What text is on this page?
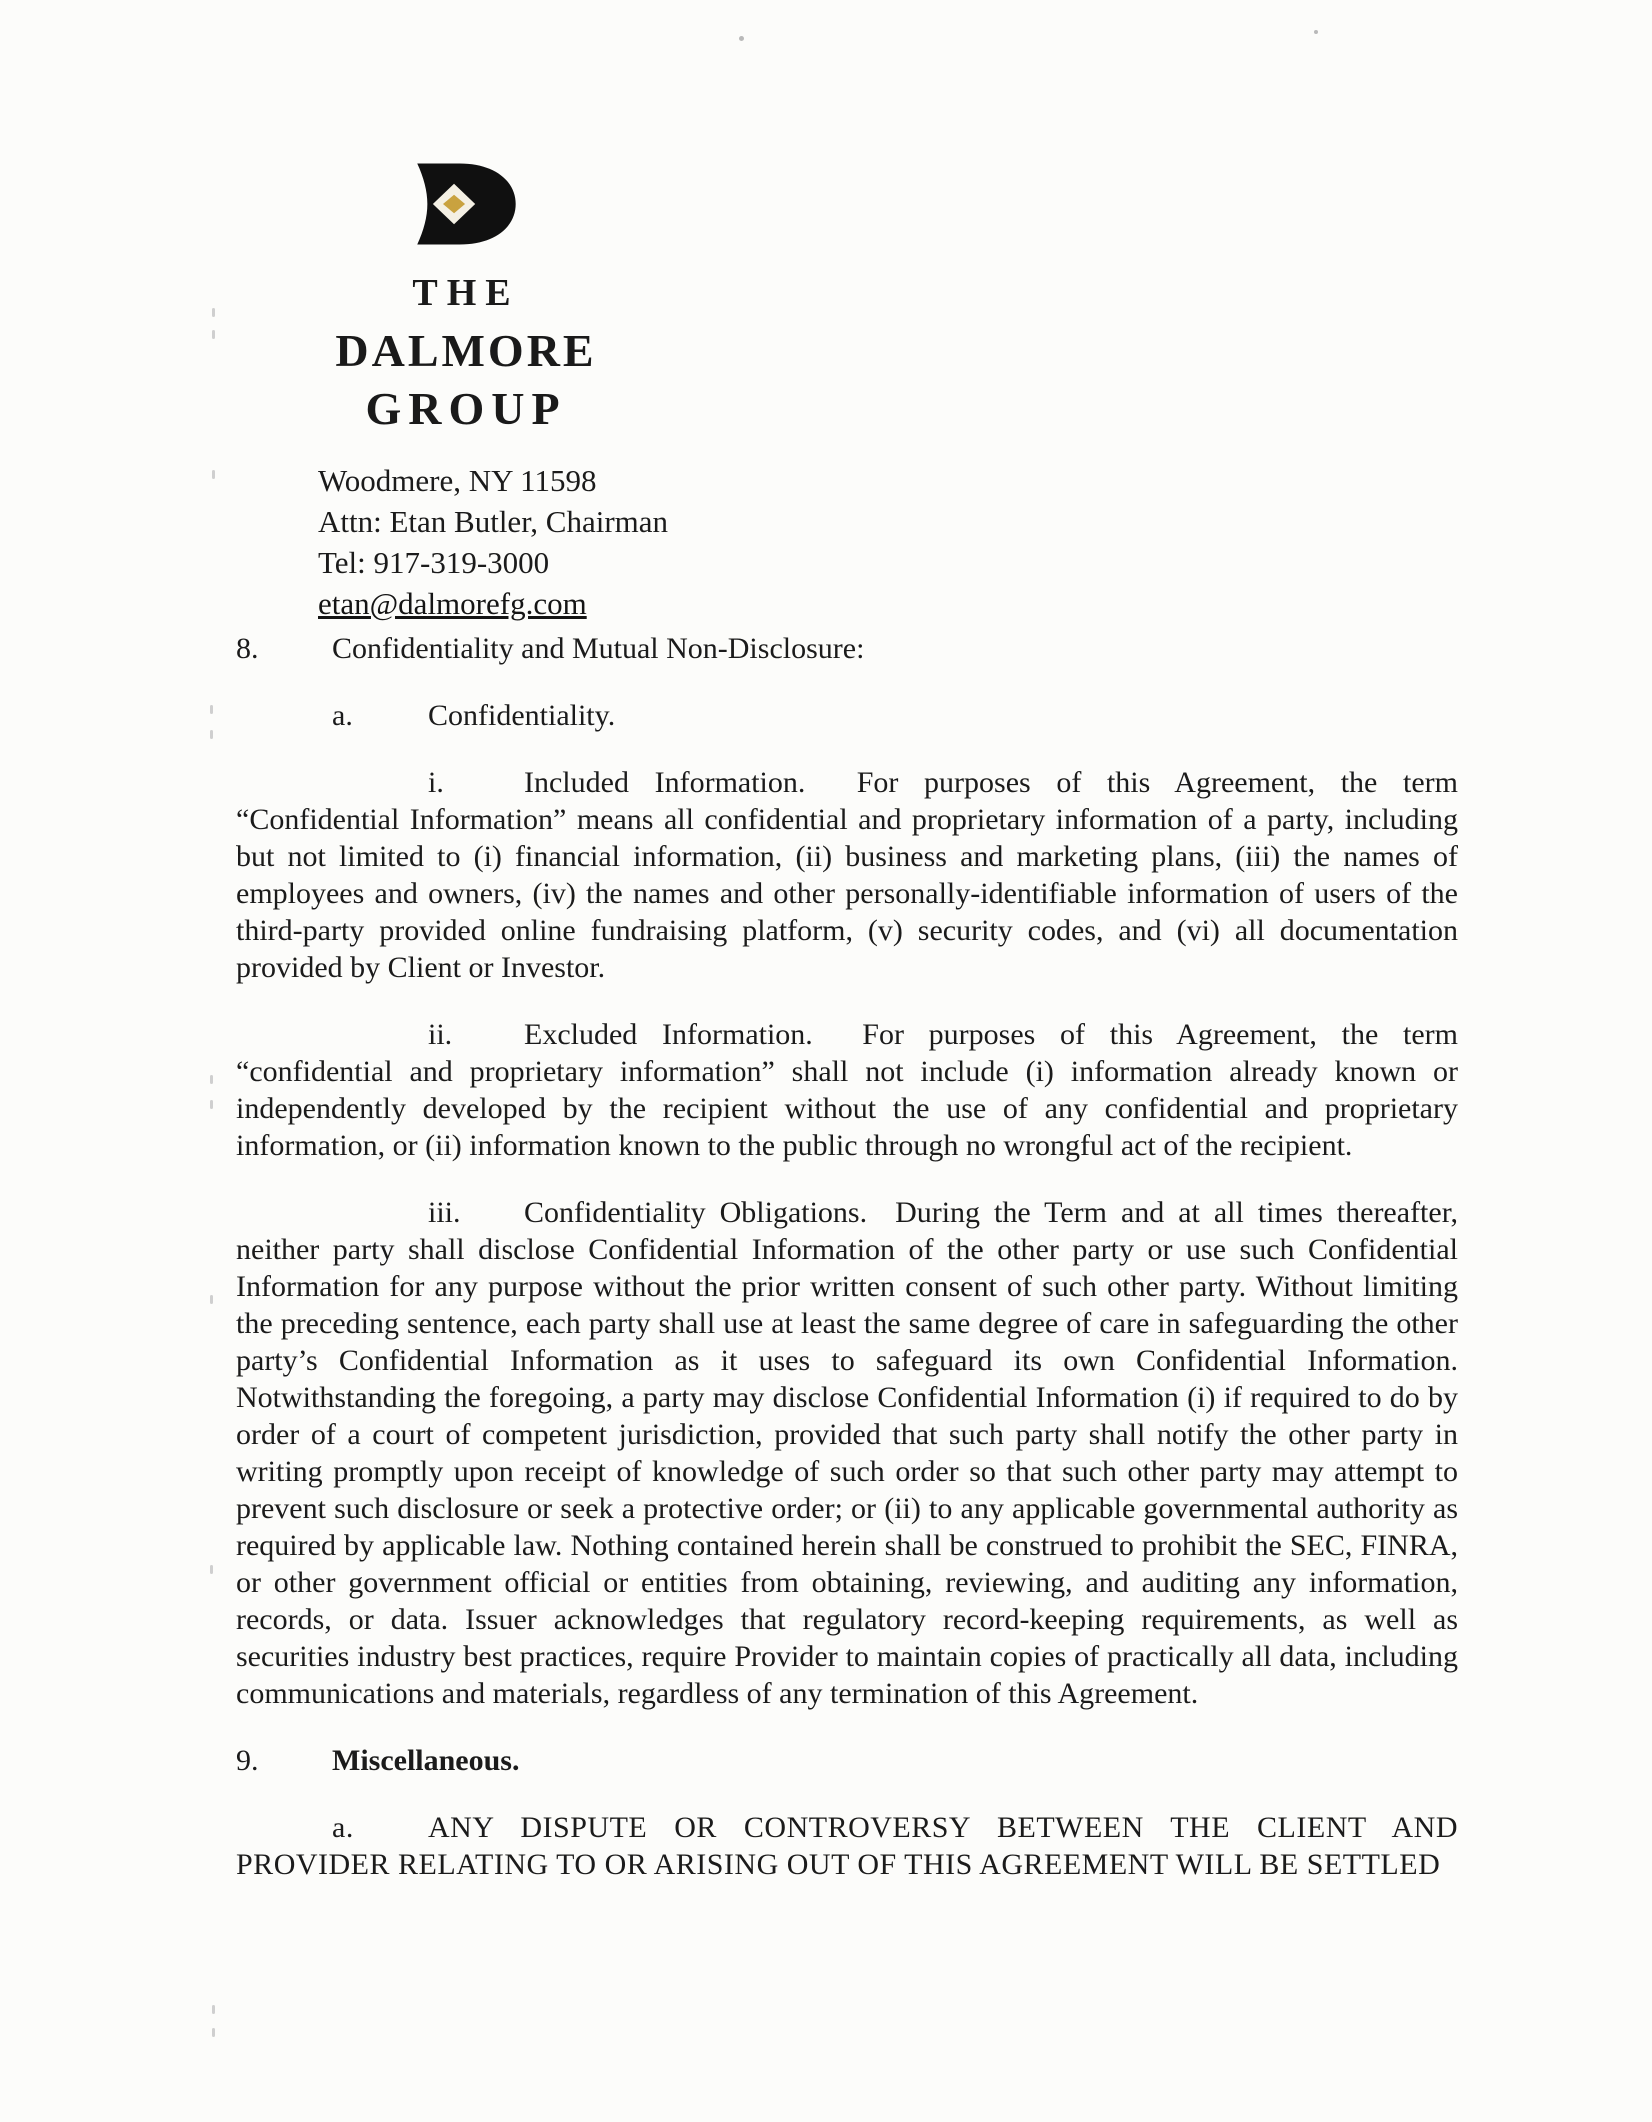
THE
DALMORE
GROUP
Woodmere, NY 11598
Attn: Etan Butler, Chairman
Tel: 917-319-3000
etan@dalmorefg.com

8. Confidentiality and Mutual Non-Disclosure:

a.	Confidentiality.

i.	Included Information. For purposes of this Agreement, the term “Confidential Information” means all confidential and proprietary information of a party, including but not limited to (i) financial information, (ii) business and marketing plans, (iii) the names of employees and owners, (iv) the names and other personally-identifiable information of users of the third-party provided online fundraising platform, (v) security codes, and (vi) all documentation provided by Client or Investor.

ii. Excluded Information. For purposes of this Agreement, the term “confidential and proprietary information” shall not include (i) information already known or independently developed by the recipient without the use of any confidential and proprietary information, or (ii) information known to the public through no wrongful act of the recipient.

iii. Confidentiality Obligations. During the Term and at all times thereafter, neither party shall disclose Confidential Information of the other party or use such Confidential Information for any purpose without the prior written consent of such other party. Without limiting the preceding sentence, each party shall use at least the same degree of care in safeguarding the other party’s Confidential Information as it uses to safeguard its own Confidential Information. Notwithstanding the foregoing, a party may disclose Confidential Information (i) if required to do by order of a court of competent jurisdiction, provided that such party shall notify the other party in writing promptly upon receipt of knowledge of such order so that such other party may attempt to prevent such disclosure or seek a protective order; or (ii) to any applicable governmental authority as required by applicable law. Nothing contained herein shall be construed to prohibit the SEC, FINRA, or other government official or entities from obtaining, reviewing, and auditing any information, records, or data. Issuer acknowledges that regulatory record-keeping requirements, as well as securities industry best practices, require Provider to maintain copies of practically all data, including communications and materials, regardless of any termination of this Agreement.

9. Miscellaneous.

a. ANY DISPUTE OR CONTROVERSY BETWEEN THE CLIENT AND PROVIDER RELATING TO OR ARISING OUT OF THIS AGREEMENT WILL BE SETTLED
